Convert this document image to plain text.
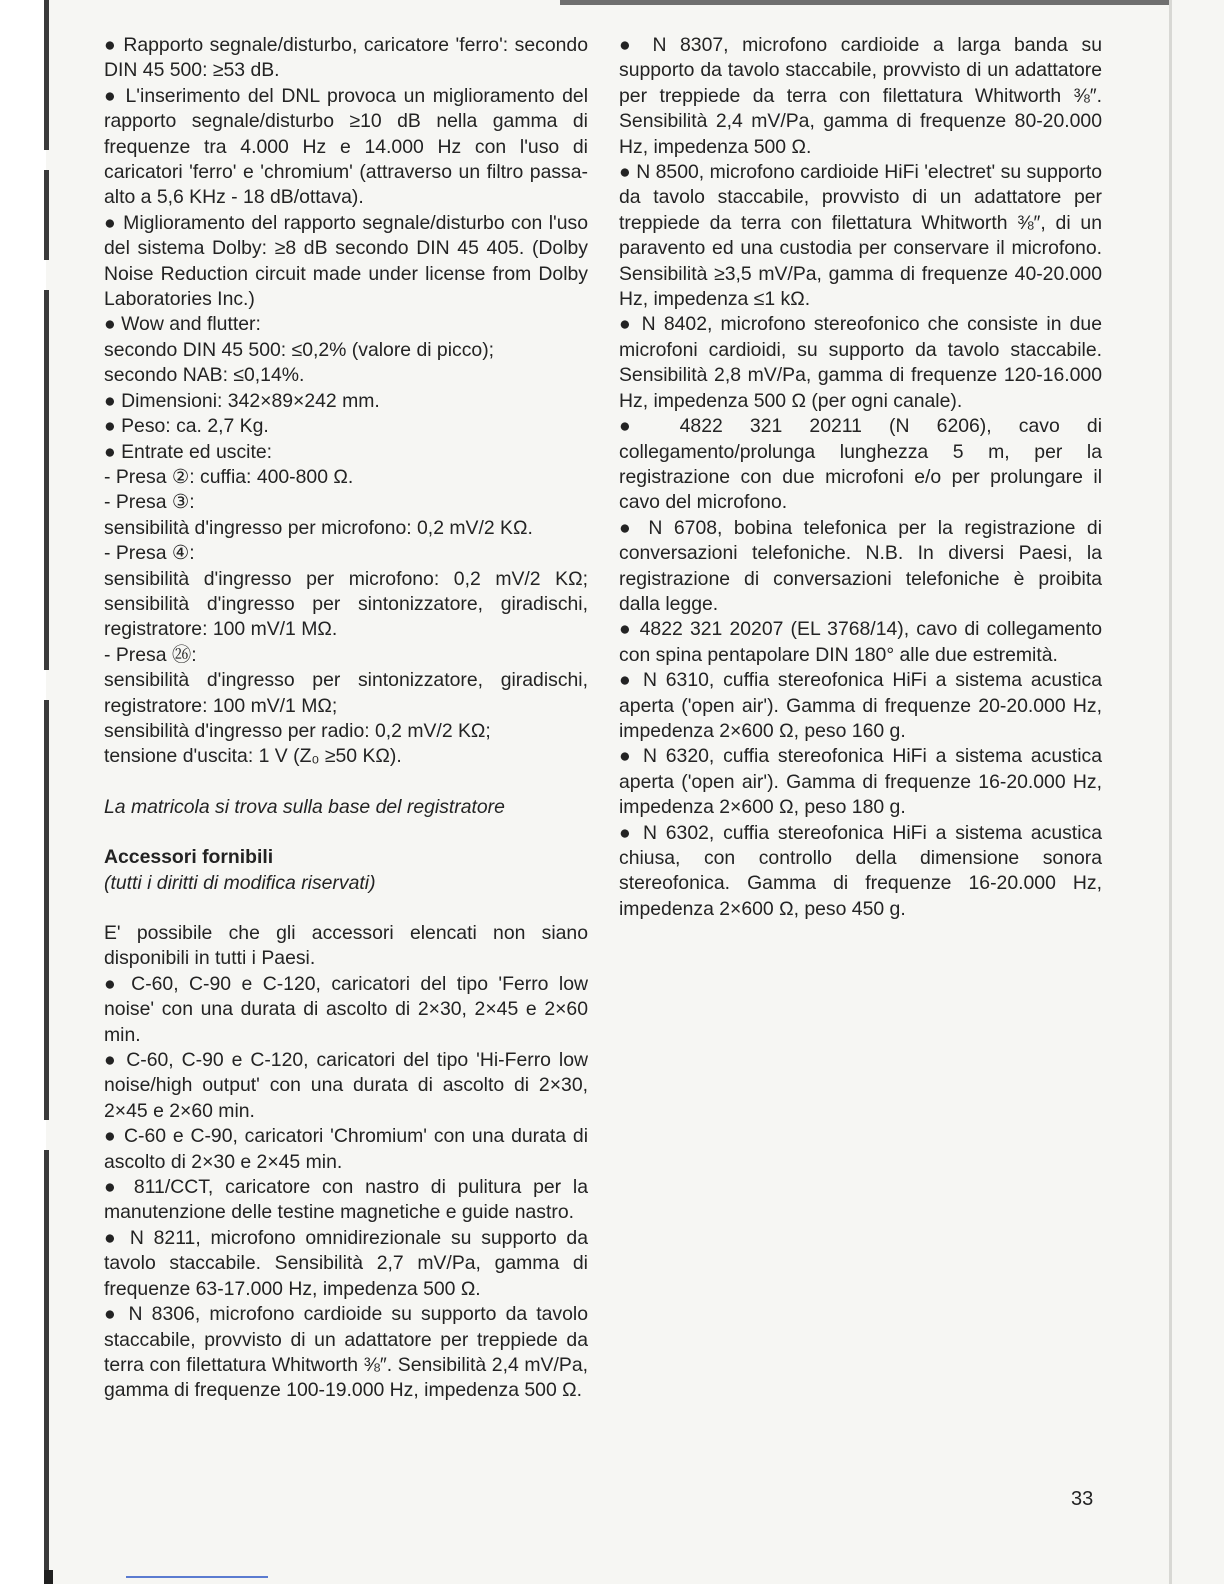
● Rapporto segnale/disturbo, caricatore 'ferro': secondo DIN 45 500: ≥53 dB.

● L'inserimento del DNL provoca un miglioramento del rapporto segnale/disturbo ≥10 dB nella gamma di frequenze tra 4.000 Hz e 14.000 Hz con l'uso di caricatori 'ferro' e 'chromium' (attraverso un filtro passa-alto a 5,6 KHz - 18 dB/ottava).

● Miglioramento del rapporto segnale/disturbo con l'uso del sistema Dolby: ≥8 dB secondo DIN 45 405. (Dolby Noise Reduction circuit made under license from Dolby Laboratories Inc.)

● Wow and flutter:

secondo DIN 45 500: ≤0,2% (valore di picco);

secondo NAB: ≤0,14%.

● Dimensioni: 342×89×242 mm.

● Peso: ca. 2,7 Kg.

● Entrate ed uscite:

- Presa ②: cuffia: 400-800 Ω.

- Presa ③:

sensibilità d'ingresso per microfono: 0,2 mV/2 KΩ.

- Presa ④:

sensibilità d'ingresso per microfono: 0,2 mV/2 KΩ; sensibilità d'ingresso per sintonizzatore, giradischi, registratore: 100 mV/1 MΩ.

- Presa ㉖:

sensibilità d'ingresso per sintonizzatore, giradischi, registratore: 100 mV/1 MΩ;

sensibilità d'ingresso per radio: 0,2 mV/2 KΩ;

tensione d'uscita: 1 V (Z₀ ≥50 KΩ).

La matricola si trova sulla base del registratore

Accessori fornibili

(tutti i diritti di modifica riservati)

E' possibile che gli accessori elencati non siano disponibili in tutti i Paesi.

● C-60, C-90 e C-120, caricatori del tipo 'Ferro low noise' con una durata di ascolto di 2×30, 2×45 e 2×60 min.

● C-60, C-90 e C-120, caricatori del tipo 'Hi-Ferro low noise/high output' con una durata di ascolto di 2×30, 2×45 e 2×60 min.

● C-60 e C-90, caricatori 'Chromium' con una durata di ascolto di 2×30 e 2×45 min.

● 811/CCT, caricatore con nastro di pulitura per la manutenzione delle testine magnetiche e guide nastro.

● N 8211, microfono omnidirezionale su supporto da tavolo staccabile. Sensibilità 2,7 mV/Pa, gamma di frequenze 63-17.000 Hz, impedenza 500 Ω.

● N 8306, microfono cardioide su supporto da tavolo staccabile, provvisto di un adattatore per treppiede da terra con filettatura Whitworth ⅜″. Sensibilità 2,4 mV/Pa, gamma di frequenze 100-19.000 Hz, impedenza 500 Ω.

● N 8307, microfono cardioide a larga banda su supporto da tavolo staccabile, provvisto di un adattatore per treppiede da terra con filettatura Whitworth ⅜″. Sensibilità 2,4 mV/Pa, gamma di frequenze 80-20.000 Hz, impedenza 500 Ω.

● N 8500, microfono cardioide HiFi 'electret' su supporto da tavolo staccabile, provvisto di un adattatore per treppiede da terra con filettatura Whitworth ⅜″, di un paravento ed una custodia per conservare il microfono. Sensibilità ≥3,5 mV/Pa, gamma di frequenze 40-20.000 Hz, impedenza ≤1 kΩ.

● N 8402, microfono stereofonico che consiste in due microfoni cardioidi, su supporto da tavolo staccabile. Sensibilità 2,8 mV/Pa, gamma di frequenze 120-16.000 Hz, impedenza 500 Ω (per ogni canale).

● 4822 321 20211 (N 6206), cavo di collegamento/prolunga lunghezza 5 m, per la registrazione con due microfoni e/o per prolungare il cavo del microfono.

● N 6708, bobina telefonica per la registrazione di conversazioni telefoniche. N.B. In diversi Paesi, la registrazione di conversazioni telefoniche è proibita dalla legge.

● 4822 321 20207 (EL 3768/14), cavo di collegamento con spina pentapolare DIN 180° alle due estremità.

● N 6310, cuffia stereofonica HiFi a sistema acustica aperta ('open air'). Gamma di frequenze 20-20.000 Hz, impedenza 2×600 Ω, peso 160 g.

● N 6320, cuffia stereofonica HiFi a sistema acustica aperta ('open air'). Gamma di frequenze 16-20.000 Hz, impedenza 2×600 Ω, peso 180 g.

● N 6302, cuffia stereofonica HiFi a sistema acustica chiusa, con controllo della dimensione sonora stereofonica. Gamma di frequenze 16-20.000 Hz, impedenza 2×600 Ω, peso 450 g.

33
